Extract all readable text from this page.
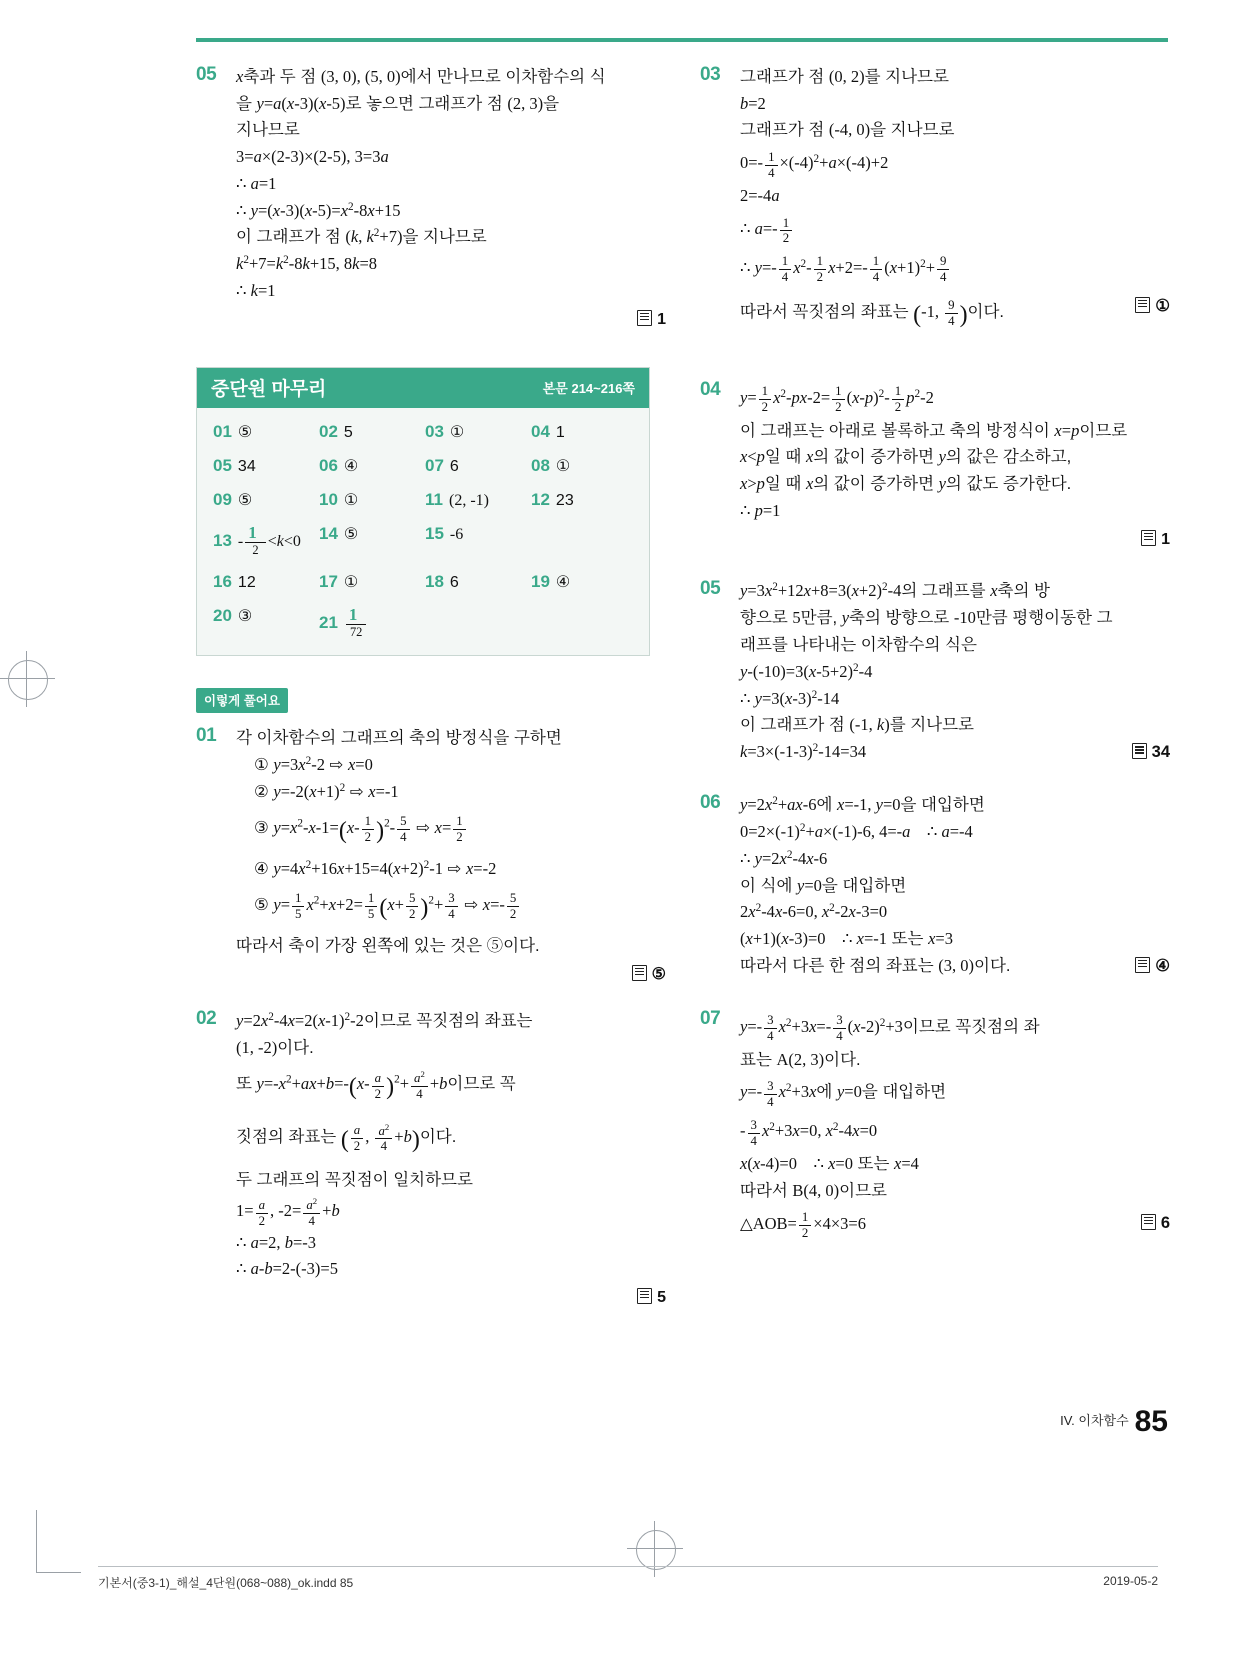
05	x축과 두 점 (3, 0), (5, 0)에서 만나므로 이차함수의 식
을 y=a(x-3)(x-5)로 놓으면 그래프가 점 (2, 3)을
지나므로
3=a×(2-3)×(2-5), 3=3a
∴ a=1
∴ $y=(x-3)(x-5)=x^2-8x+15$
이 그래프가 점 (k, $k^2+7$)을 지나므로
$k^2+7=k^2-8k+15$, 8k=8
∴ k=1
1
중단원 마무리	본문 214~216쪽
01 ⑤	02 5	03 ①	04 1
05 34	06 ④	07 6	08 ①
09 ⑤	10 ①	11 (2, -1)	12 23
$13 - \frac{1}{2} <k<0$	14 ⑤	15 -6
16 12	17 ①	18 6	19 ④
20 ③	$21 \frac{1}{72}$
이렇게 풀어요
01	각 이차함수의 그래프의 축의 방정식을 구하면
① $y=3x^2-2$ ⇨ x=0
② $y=-2(x+1)^2$ ⇨ x=-1
③ $y=x^2-x-1=(x- \frac{1}{2} )^2- \frac{5}{4}$ ⇨ $x= \frac{1}{2}$
④ $y=4x^2+16x+15=4(x+2)^2-1$ ⇨ x=-2
⑤ $y= \frac{1}{5} x^2+x+2= \frac{1}{5} (x+ \frac{5}{2} )^2+ \frac{3}{4}$ ⇨ $x=- \frac{5}{2}$
따라서 축이 가장 왼쪽에 있는 것은 ⑤이다.
⑤
02	$y=2x^2-4x=2(x-1)^2-2$이므로 꼭짓점의 좌표는
(1, -2)이다.
또 $y=-x^2+ax+b=-(x- \frac{a}{2} )^2+ \frac{a^2}{4} +b$이므로 꼭
짓점의 좌표는 ( $\frac{a}{2}$ , $\frac{a^2}{4} +b$)이다.
두 그래프의 꼭짓점이 일치하므로
$1= \frac{a}{2}$ , $-2= \frac{a^2}{4} +b$
∴ a=2, b=-3
∴ a-b=2-(-3)=5
5
03	그래프가 점 (0, 2)를 지나므로
b=2
그래프가 점 (-4, 0)을 지나므로
$0=- \frac{1}{4} \times(-4)^2+a\times(-4)+2$
2=-4a
∴ $a=- \frac{1}{2}$
∴ $y=- \frac{1}{4} x^2- \frac{1}{2} x+2=- \frac{1}{4} (x+1)^2+ \frac{9}{4}$
따라서 꼭짓점의 좌표는 (-1, $\frac{9}{4}$ )이다.	①
04	$y= \frac{1}{2} x^2-px-2= \frac{1}{2} (x-p)^2- \frac{1}{2} p^2-2$
이 그래프는 아래로 볼록하고 축의 방정식이 x=p이므로
x<p일 때 x의 값이 증가하면 y의 값은 감소하고,
x>p일 때 x의 값이 증가하면 y의 값도 증가한다.
∴ p=1
1
05	$y=3x^2+12x+8=3(x+2)^2-4$의 그래프를 x축의 방
향으로 5만큼, y축의 방향으로 -10만큼 평행이동한 그
래프를 나타내는 이차함수의 식은
$y-(-10)=3(x-5+2)^2-4$
∴ $y=3(x-3)^2-14$
이 그래프가 점 (-1, k)를 지나므로
$k=3\times(-1-3)^2-14=34$	34
06	$y=2x^2+ax-6$에 x=-1, y=0을 대입하면
$0=2\times(-1)^2+a\times(-1)-6$, 4=-a    ∴ a=-4
∴ $y=2x^2-4x-6$
이 식에 y=0을 대입하면
$2x^2-4x-6=0$, $x^2-2x-3=0$
(x+1)(x-3)=0    ∴ x=-1 또는 x=3
따라서 다른 한 점의 좌표는 (3, 0)이다.	④
07	$y=- \frac{3}{4} x^2+3x=- \frac{3}{4} (x-2)^2+3$이므로 꼭짓점의 좌
표는 A(2, 3)이다.
$y=- \frac{3}{4} x^2+3x$에 y=0을 대입하면
- $\frac{3}{4} x^2+3x=0$, $x^2-4x=0$
x(x-4)=0    ∴ x=0 또는 x=4
따라서 B(4, 0)이므로
△AOB= $\frac{1}{2} \times 4\times 3=6$	6
IV. 이차함수 85
기본서(중3-1)_해설_4단원(068~088)_ok.indd 85	2019-05-2
